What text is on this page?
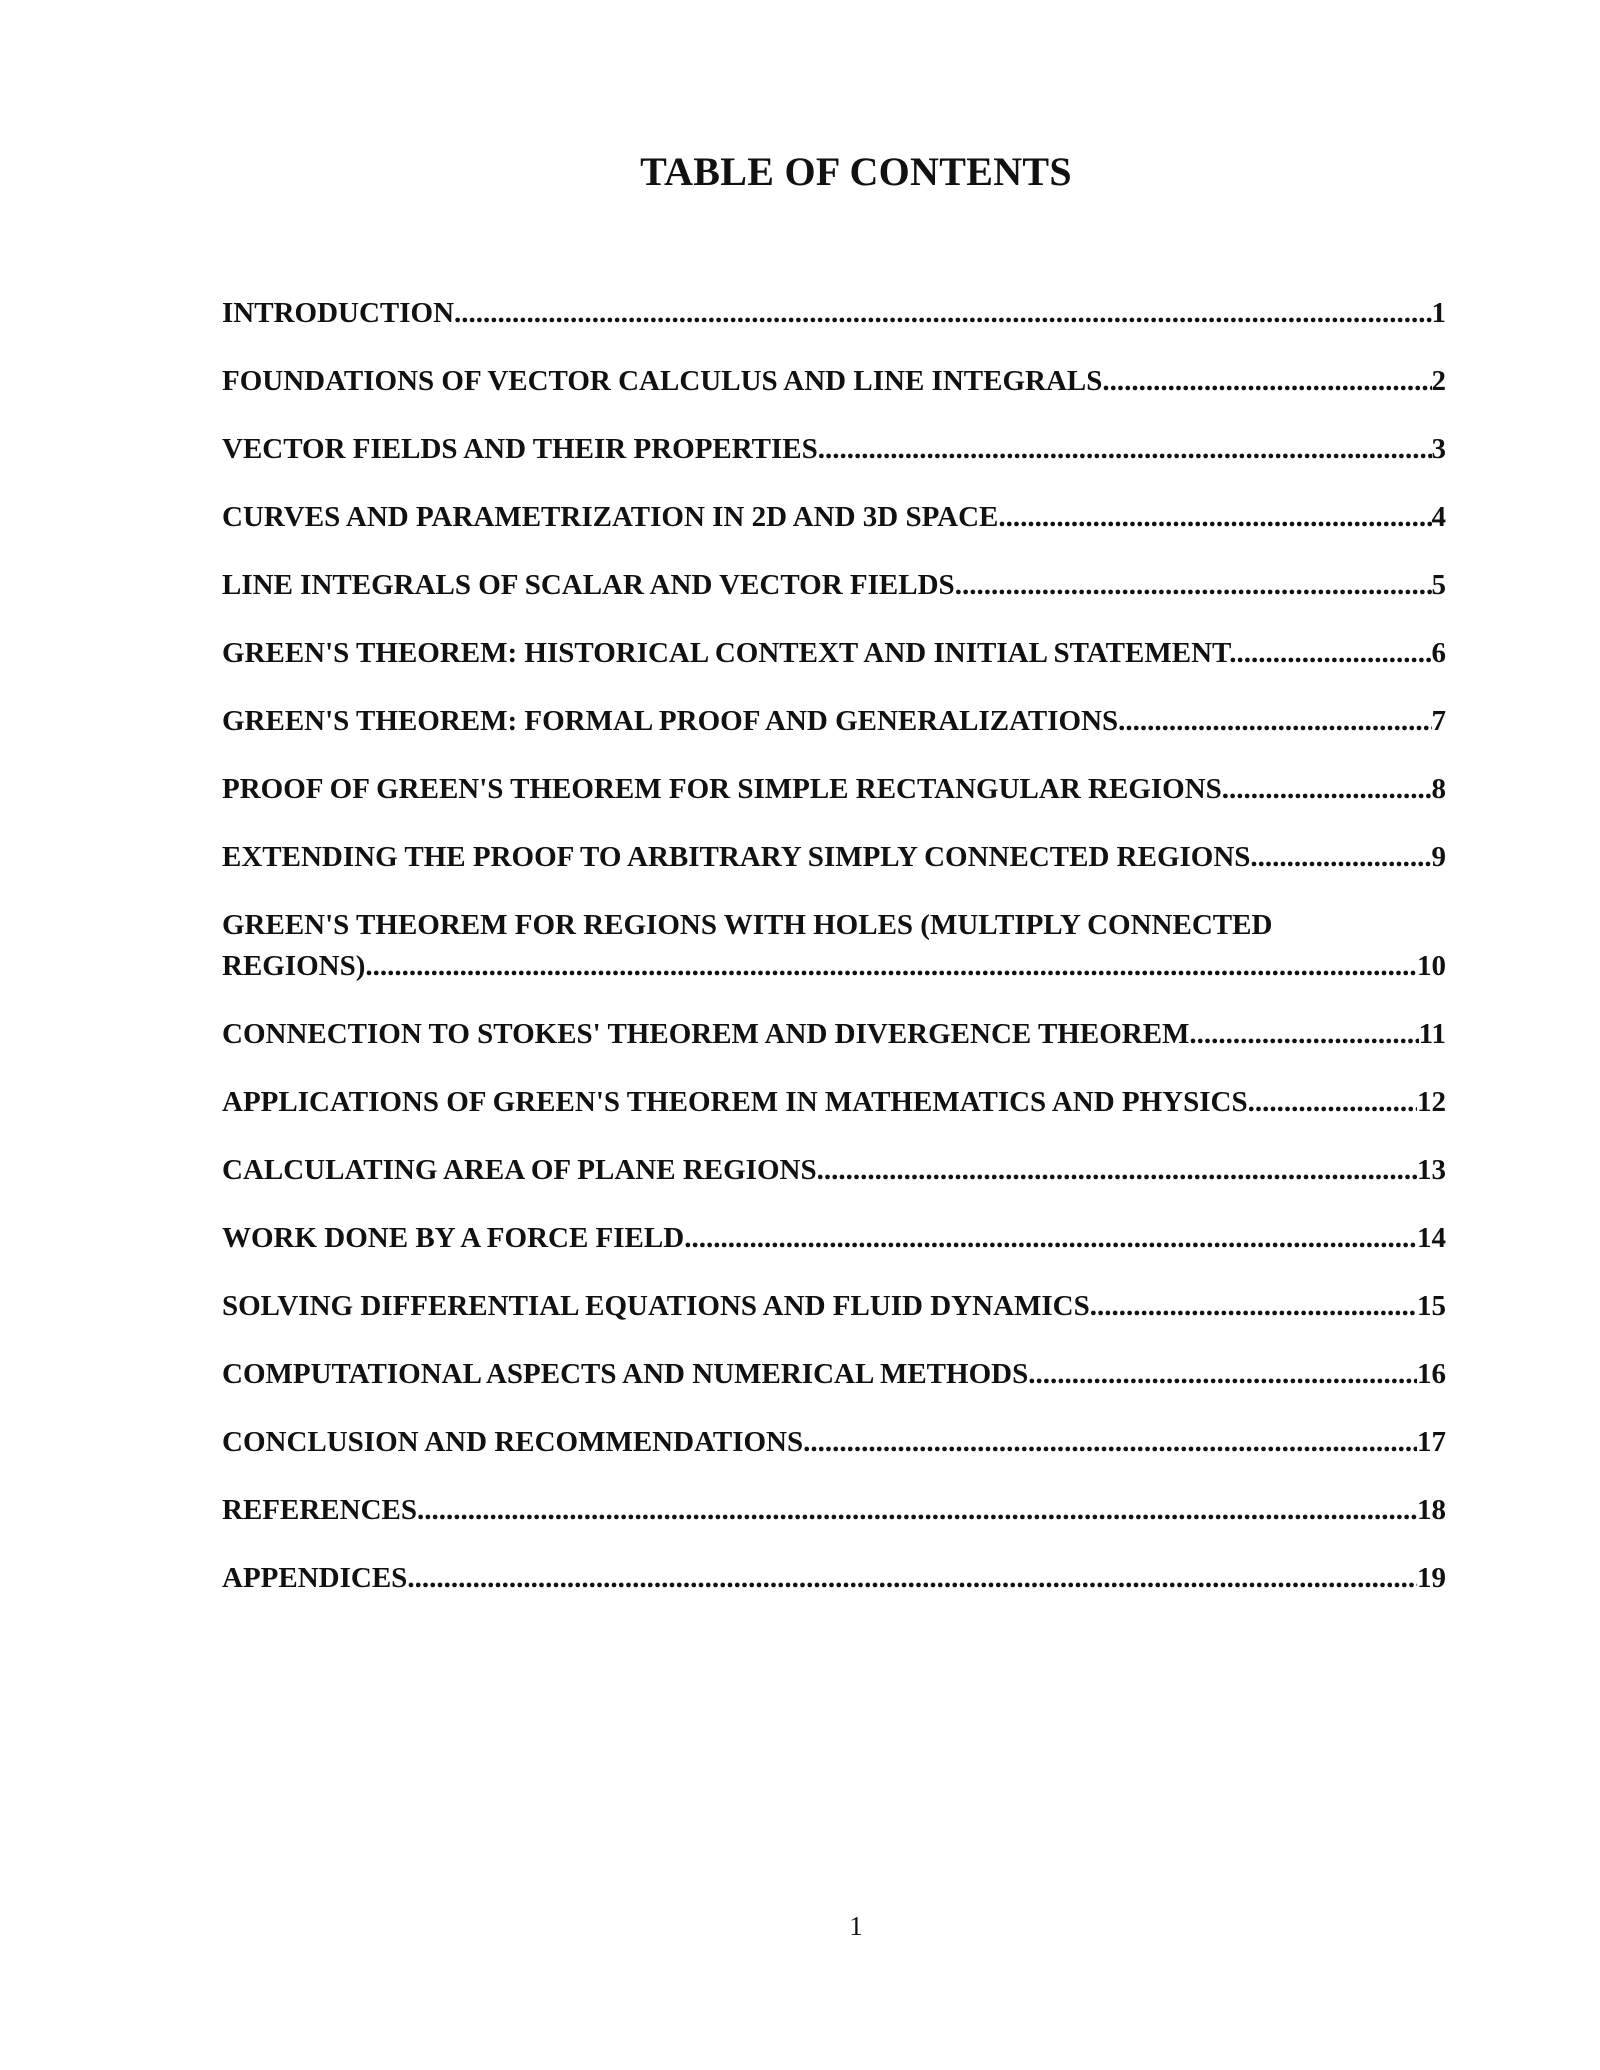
TABLE OF CONTENTS
INTRODUCTION .....	1
FOUNDATIONS OF VECTOR CALCULUS AND LINE INTEGRALS .....	2
VECTOR FIELDS AND THEIR PROPERTIES .....	3
CURVES AND PARAMETRIZATION IN 2D AND 3D SPACE .....	4
LINE INTEGRALS OF SCALAR AND VECTOR FIELDS .....	5
GREEN'S THEOREM: HISTORICAL CONTEXT AND INITIAL STATEMENT .....	6
GREEN'S THEOREM: FORMAL PROOF AND GENERALIZATIONS .....	7
PROOF OF GREEN'S THEOREM FOR SIMPLE RECTANGULAR REGIONS .....	8
EXTENDING THE PROOF TO ARBITRARY SIMPLY CONNECTED REGIONS .....	9
GREEN'S THEOREM FOR REGIONS WITH HOLES (MULTIPLY CONNECTED
REGIONS) .....	10
CONNECTION TO STOKES' THEOREM AND DIVERGENCE THEOREM .....	11
APPLICATIONS OF GREEN'S THEOREM IN MATHEMATICS AND PHYSICS .....	12
CALCULATING AREA OF PLANE REGIONS .....	13
WORK DONE BY A FORCE FIELD .....	14
SOLVING DIFFERENTIAL EQUATIONS AND FLUID DYNAMICS .....	15
COMPUTATIONAL ASPECTS AND NUMERICAL METHODS .....	16
CONCLUSION AND RECOMMENDATIONS .....	17
REFERENCES .....	18
APPENDICES .....	19

1
